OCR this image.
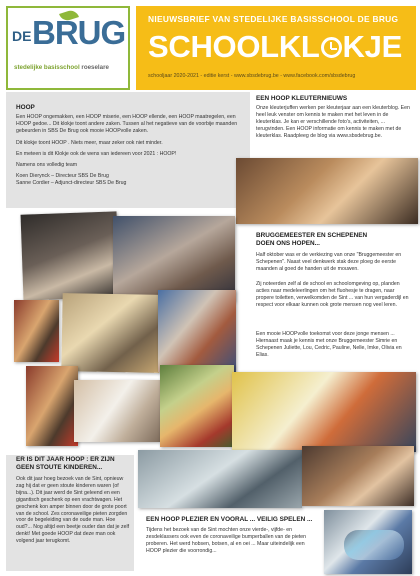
DE BRUG
stedelijke basisschool roeselare
NIEUWSBRIEF VAN STEDELIJKE BASISSCHOOL DE BRUG
SCHOOLKL KJE
schooljaar 2020-2021 - editie kerst - www.sbsdebrug.be - www.facebook.com/sbsdebrug
HOOP
Een HOOP ongemakken, een HOOP miserie, een HOOP ellende, een HOOP maatregelen, een HOOP gedoe... Dit klokje toont andere zaken. Tussen al het negatieve van de voorbije maanden gebeurden in SBS De Brug ook mooie HOOPvolle zaken.
Dit klokje toont HOOP . Niets meer, maar zeker ook niet minder.
En meteen is dit Klokje ook de wens van iedereen voor 2021 : HOOP!
Namens ons volledig team
Koen Dierynck – Directeur SBS De Brug
Sanne Cordier – Adjunct-directeur SBS De Brug
EEN HOOP KLEUTERNIEUWS
Onze kleuterjuffen werken per kleuterjaar aan een kleuterblog. Een heel leuk venster om kennis te maken met het leven in de kleuterklas. Je kan er verschillende foto's, activiteiten, ... terugvinden. Een HOOP informatie om kennis te maken met de kleuterklas. Raadpleeg de blog via www.sbsdebrug.be.
BRUGGEMEESTER EN SCHEPENEN
DOEN ONS HOPEN...
Half oktober was er de verkiezing van onze "Bruggemeester en Schepenen". Naast veel denkwerk stak deze ploeg de eerste maanden al goed de handen uit de mouwen.
Zij noteerden zelf al de school en schoolomgeving op, planden acties naar medeleerlingen om het fluohesje te dragen, naar propere toiletten, verwelkomden de Sint ... van hun vergaderdijl en respect voor elkaar kunnen ook grote mensen nog veel leren.
Een mooie HOOPvolle toekomst voor deze jonge mensen ... Hiernaast maak je kennis met onze Bruggemeester Simrie en Schepenen Juliette, Lou, Cedric, Pauline, Nelle, Imke, Olivia en Elias.
ER IS DIT JAAR HOOP : ER ZIJN GEEN STOUTE KINDEREN...
Ook dit jaar hoeg bezoek van de Sint, opnieuw zag hij dat er geen stoute kinderen waren (of bijna...). Dit jaar werd de Sint geleend en een gigantisch geschenk op een vrachtwagen. Het geschenk kon amper binnen door de grote poort van de school. Zes coronaveilige pieten zorgden voor de begeleiding van de oude man. Hoe oud?... Nog altijd een beetje ouder dan dat je zelf denkt! Met goede HOOP dat deze man ook volgend jaar terugkomt.
EEN HOOP PLEZIER EN VOORAL ... VEILIG SPELEN ...
Tijdens het bezoek van de Sint mochten onze vierde-, vijfde- en zesdeklassers ook even de coronaveilige bumperballen van de pieten proberen. Het werd hobsen, botsen, al en oei ... Maar uiteindelijk een HOOP plezier die voorrondig...
